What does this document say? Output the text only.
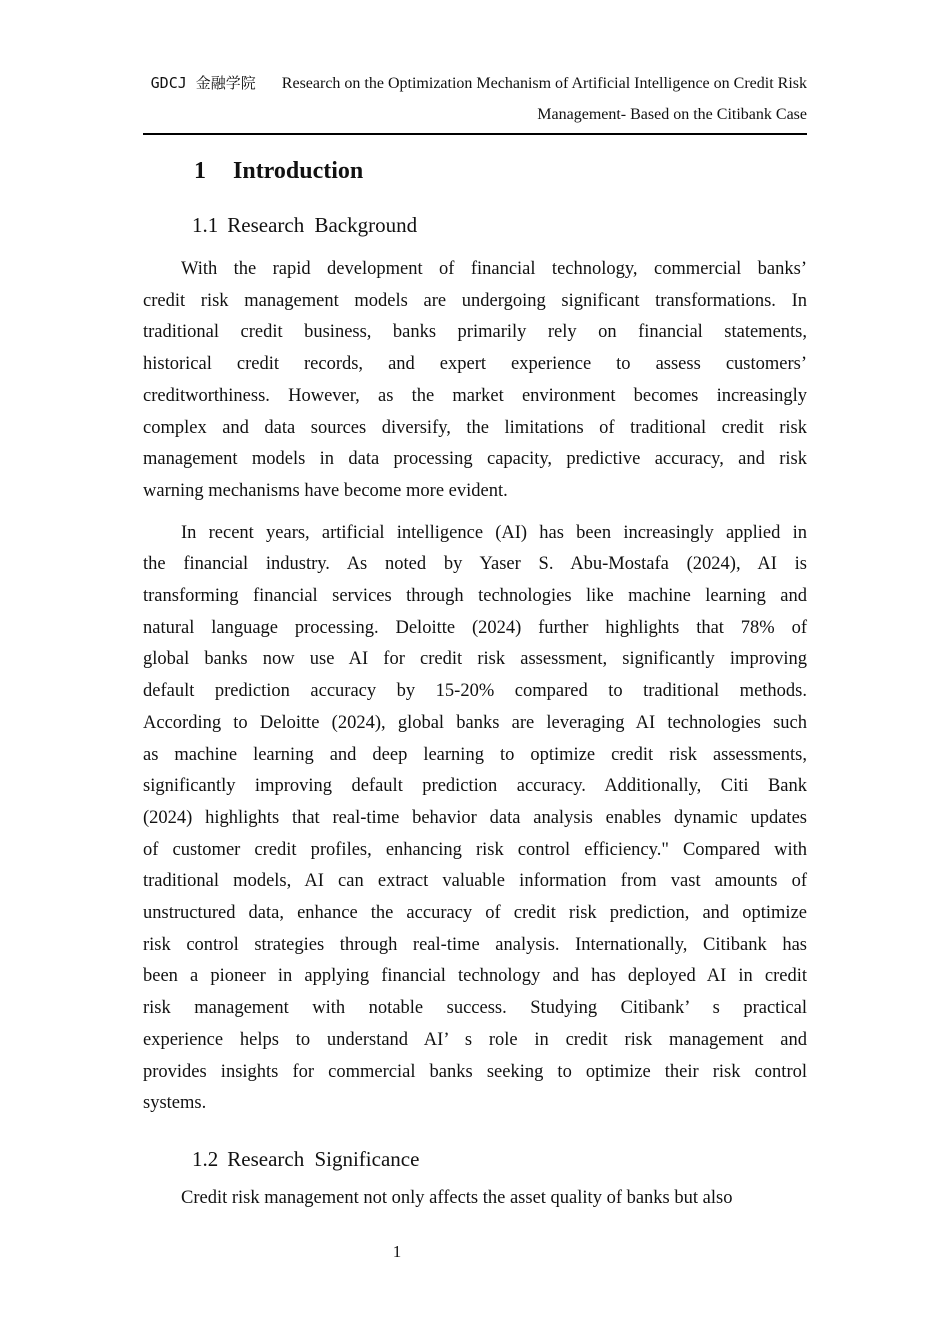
GDCJ 金融学院 Research on the Optimization Mechanism of Artificial Intelligence on Credit Risk
Management- Based on the Citibank Case
1 Introduction
1.1 Research Background
With the rapid development of financial technology, commercial banks’
credit risk management models are undergoing significant transformations. In
traditional credit business, banks primarily rely on financial statements,
historical credit records, and expert experience to assess customers’
creditworthiness. However, as the market environment becomes increasingly
complex and data sources diversify, the limitations of traditional credit risk
management models in data processing capacity, predictive accuracy, and risk
warning mechanisms have become more evident.
In recent years, artificial intelligence (AI) has been increasingly applied in
the financial industry. As noted by Yaser S. Abu-Mostafa (2024), AI is
transforming financial services through technologies like machine learning and
natural language processing. Deloitte (2024) further highlights that 78% of
global banks now use AI for credit risk assessment, significantly improving
default prediction accuracy by 15-20% compared to traditional methods.
According to Deloitte (2024), global banks are leveraging AI technologies such
as machine learning and deep learning to optimize credit risk assessments,
significantly improving default prediction accuracy. Additionally, Citi Bank
(2024) highlights that real-time behavior data analysis enables dynamic updates
of customer credit profiles, enhancing risk control efficiency." Compared with
traditional models, AI can extract valuable information from vast amounts of
unstructured data, enhance the accuracy of credit risk prediction, and optimize
risk control strategies through real-time analysis. Internationally, Citibank has
been a pioneer in applying financial technology and has deployed AI in credit
risk management with notable success. Studying Citibank’ s practical
experience helps to understand AI’ s role in credit risk management and
provides insights for commercial banks seeking to optimize their risk control
systems.
1.2 Research Significance
Credit risk management not only affects the asset quality of banks but also
1
